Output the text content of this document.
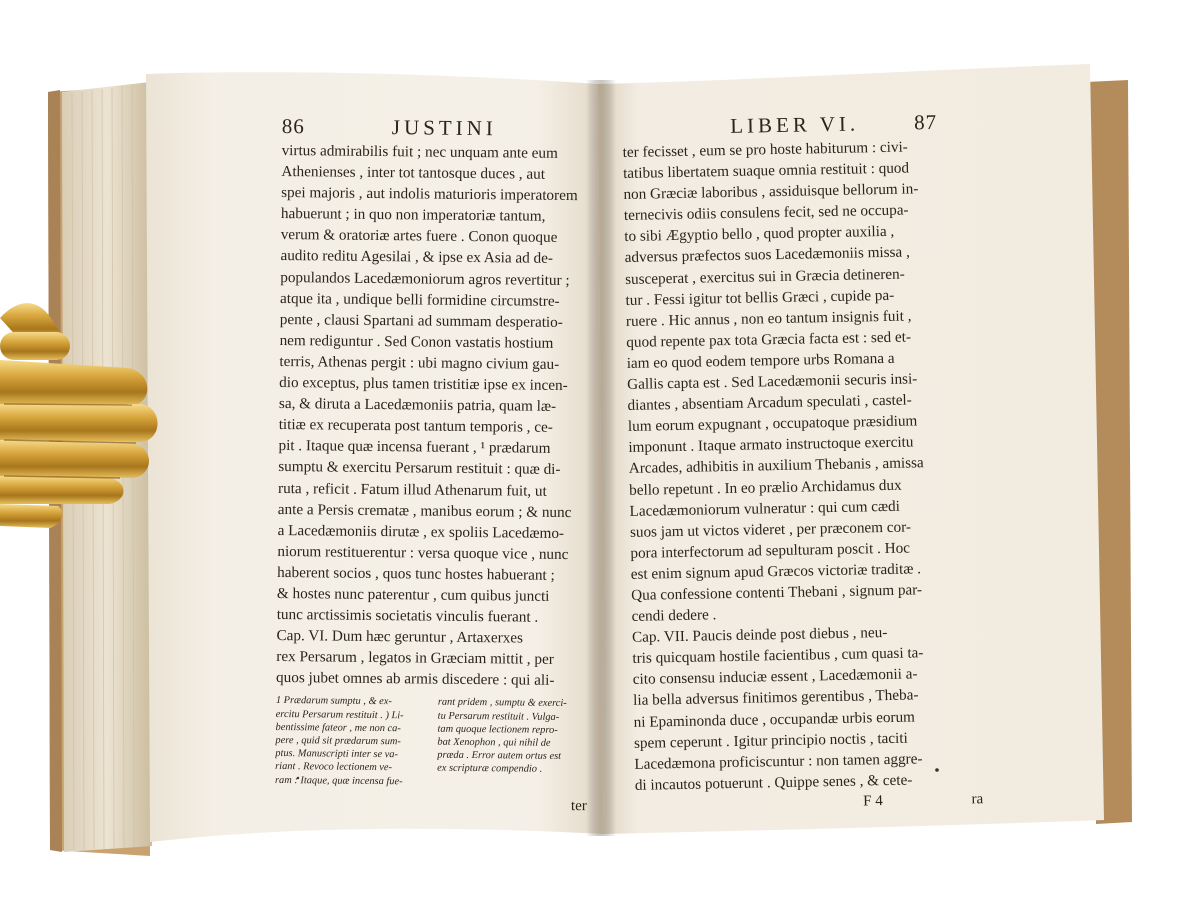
86	JUSTINI
virtus admirabilis fuit ; nec unquam ante eum
Athenienses , inter tot tantosque duces , aut
spei majoris , aut indolis maturioris imperatorem
habuerunt ; in quo non imperatoriæ tantum,
verum & oratoriæ artes fuere . Conon quoque
audito reditu Agesilai , & ipse ex Asia ad de-
populandos Lacedæmoniorum agros revertitur ;
atque ita , undique belli formidine circumstre-
pente , clausi Spartani ad summam desperatio-
nem rediguntur . Sed Conon vastatis hostium
terris, Athenas pergit : ubi magno civium gau-
dio exceptus, plus tamen tristitiæ ipse ex incen-
sa, & diruta a Lacedæmoniis patria, quam læ-
titiæ ex recuperata post tantum temporis , ce-
pit . Itaque quæ incensa fuerant , ¹ prædarum
sumptu & exercitu Persarum restituit : quæ di-
ruta , reficit . Fatum illud Athenarum fuit, ut
ante a Persis crematæ , manibus eorum ; & nunc
a Lacedæmoniis dirutæ , ex spoliis Lacedæmo-
niorum restituerentur : versa quoque vice , nunc
haberent socios , quos tunc hostes habuerant ;
& hostes nunc paterentur , cum quibus juncti
tunc arctissimis societatis vinculis fuerant .
Cap. VI. Dum hæc geruntur , Artaxerxes
rex Persarum , legatos in Græciam mittit , per
quos jubet omnes ab armis discedere : qui ali-
1 Prædarum sumptu , & ex-
ercitu Persarum restituit . ) Li-
bentissime fateor , me non ca-
pere , quid sit prædarum sum-
ptus. Manuscripti inter se va-
riant . Revoco lectionem ve-
ram : Itaque, quæ incensa fue-
rant pridem , sumptu & exerci-
tu Persarum restituit . Vulga-
tam quoque lectionem repro-
bat Xenophon , qui nihil de
præda . Error autem ortus est
ex scripturæ compendio .
ter
LIBER VI.	87
ter fecisset , eum se pro hoste habiturum : civi-
tatibus libertatem suaque omnia restituit : quod
non Græciæ laboribus , assiduisque bellorum in-
ternecivis odiis consulens fecit, sed ne occupa-
to sibi Ægyptio bello , quod propter auxilia ,
adversus præfectos suos Lacedæmoniis missa ,
susceperat , exercitus sui in Græcia detineren-
tur . Fessi igitur tot bellis Græci , cupide pa-
ruere . Hic annus , non eo tantum insignis fuit ,
quod repente pax tota Græcia facta est : sed et-
iam eo quod eodem tempore urbs Romana a
Gallis capta est . Sed Lacedæmonii securis insi-
diantes , absentiam Arcadum speculati , castel-
lum eorum expugnant , occupatoque præsidium
imponunt . Itaque armato instructoque exercitu
Arcades, adhibitis in auxilium Thebanis , amissa
bello repetunt . In eo prælio Archidamus dux
Lacedæmoniorum vulneratur : qui cum cædi
suos jam ut victos videret , per præconem cor-
pora interfectorum ad sepulturam poscit . Hoc
est enim signum apud Græcos victoriæ traditæ .
Qua confessione contenti Thebani , signum par-
cendi dedere .
Cap. VII. Paucis deinde post diebus , neu-
tris quicquam hostile facientibus , cum quasi ta-
cito consensu induciæ essent , Lacedæmonii a-
lia bella adversus finitimos gerentibus , Theba-
ni Epaminonda duce , occupandæ urbis eorum
spem ceperunt . Igitur principio noctis , taciti
Lacedæmona proficiscuntur : non tamen aggre-
di incautos potuerunt . Quippe senes , & cete-
F 4	ra
